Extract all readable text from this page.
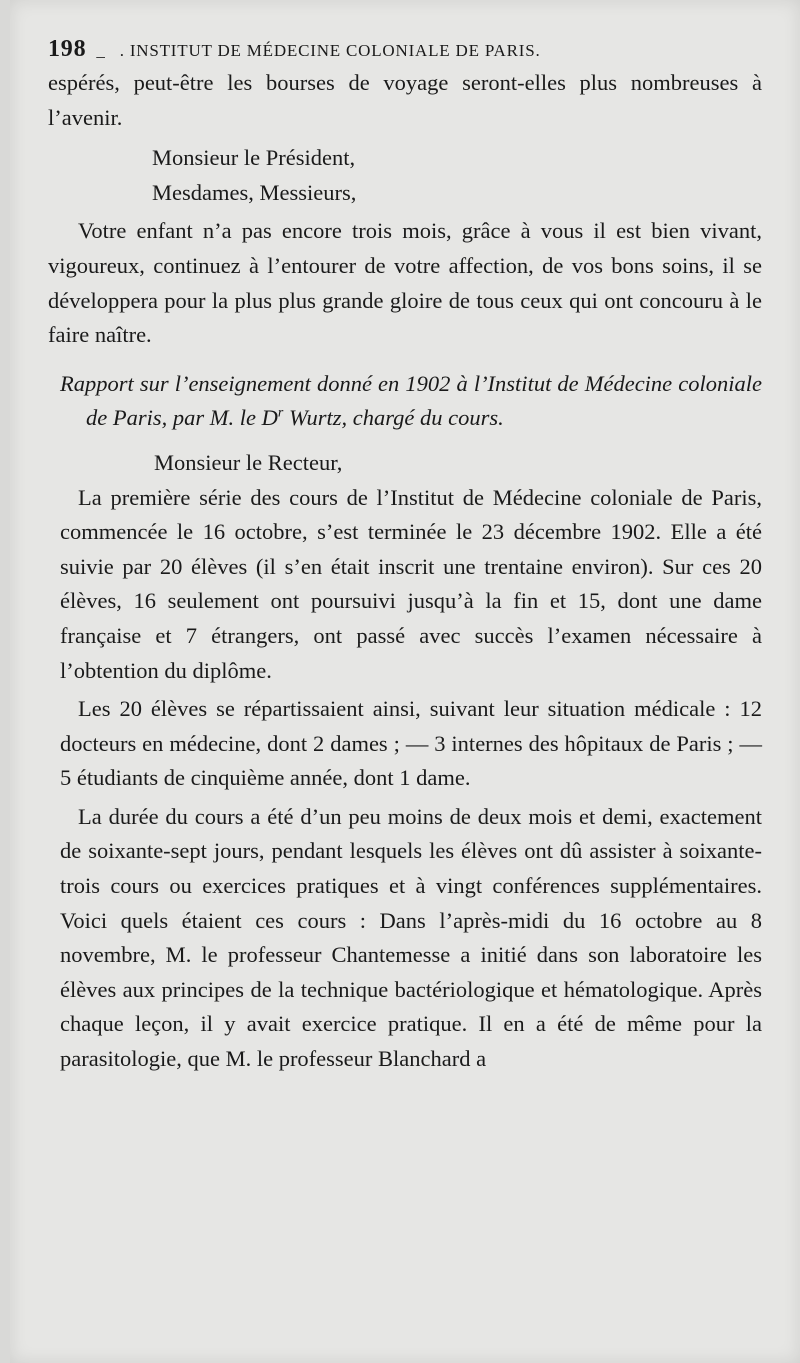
198 _ . INSTITUT DE MÉDECINE COLONIALE DE PARIS.

espérés, peut-être les bourses de voyage seront-elles plus nombreuses à l’avenir.

Monsieur le Président,

Mesdames, Messieurs,

Votre enfant n’a pas encore trois mois, grâce à vous il est bien vivant, vigoureux, continuez à l’entourer de votre affection, de vos bons soins, il se développera pour la plus plus grande gloire de tous ceux qui ont concouru à le faire naître.

Rapport sur l’enseignement donné en 1902 à l’Institut de Médecine coloniale de Paris, par M. le $D^r$ Wurtz, chargé du cours.

Monsieur le Recteur,

La première série des cours de l’Institut de Médecine coloniale de Paris, commencée le 16 octobre, s’est terminée le 23 décembre 1902. Elle a été suivie par 20 élèves (il s’en était inscrit une trentaine environ). Sur ces 20 élèves, 16 seulement ont poursuivi jusqu’à la fin et 15, dont une dame française et 7 étrangers, ont passé avec succès l’examen nécessaire à l’obtention du diplôme.

Les 20 élèves se répartissaient ainsi, suivant leur situation médicale : 12 docteurs en médecine, dont 2 dames ; — 3 internes des hôpitaux de Paris ; — 5 étudiants de cinquième année, dont 1 dame.

La durée du cours a été d’un peu moins de deux mois et demi, exactement de soixante-sept jours, pendant lesquels les élèves ont dû assister à soixante-trois cours ou exercices pratiques et à vingt conférences supplémentaires. Voici quels étaient ces cours : Dans l’après-midi du 16 octobre au 8 novembre, M. le professeur Chantemesse a initié dans son laboratoire les élèves aux principes de la technique bactériologique et hématologique. Après chaque leçon, il y avait exercice pratique. Il en a été de même pour la parasitologie, que M. le professeur Blanchard a
